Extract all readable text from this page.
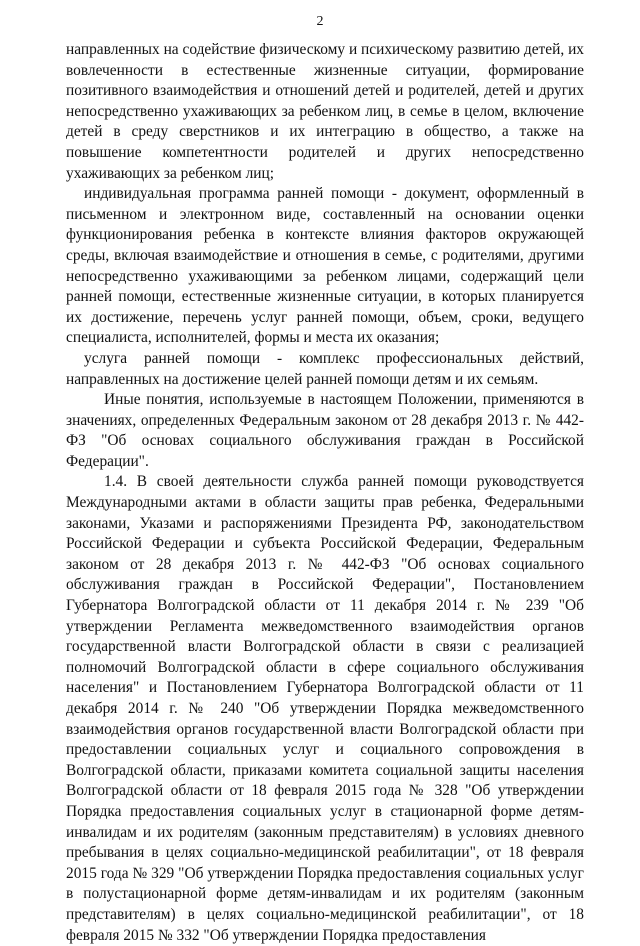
2

направленных на содействие физическому и психическому развитию детей, их вовлеченности в естественные жизненные ситуации, формирование позитивного взаимодействия и отношений детей и родителей, детей и других непосредственно ухаживающих за ребенком лиц, в семье в целом, включение детей в среду сверстников и их интеграцию в общество, а также на повышение компетентности родителей и других непосредственно ухаживающих за ребенком лиц;

индивидуальная программа ранней помощи - документ, оформленный в письменном и электронном виде, составленный на основании оценки функционирования ребенка в контексте влияния факторов окружающей среды, включая взаимодействие и отношения в семье, с родителями, другими непосредственно ухаживающими за ребенком лицами, содержащий цели ранней помощи, естественные жизненные ситуации, в которых планируется их достижение, перечень услуг ранней помощи, объем, сроки, ведущего специалиста, исполнителей, формы и места их оказания;

услуга ранней помощи - комплекс профессиональных действий, направленных на достижение целей ранней помощи детям и их семьям.

Иные понятия, используемые в настоящем Положении, применяются в значениях, определенных Федеральным законом от 28 декабря 2013 г. № 442-ФЗ "Об основах социального обслуживания граждан в Российской Федерации".

1.4. В своей деятельности служба ранней помощи руководствуется Международными актами в области защиты прав ребенка, Федеральными законами, Указами и распоряжениями Президента РФ, законодательством Российской Федерации и субъекта Российской Федерации, Федеральным законом от 28 декабря 2013 г. № 442-ФЗ "Об основах социального обслуживания граждан в Российской Федерации", Постановлением Губернатора Волгоградской области от 11 декабря 2014 г. № 239 "Об утверждении Регламента межведомственного взаимодействия органов государственной власти Волгоградской области в связи с реализацией полномочий Волгоградской области в сфере социального обслуживания населения" и Постановлением Губернатора Волгоградской области от 11 декабря 2014 г. № 240 "Об утверждении Порядка межведомственного взаимодействия органов государственной власти Волгоградской области при предоставлении социальных услуг и социального сопровождения в Волгоградской области, приказами комитета социальной защиты населения Волгоградской области от 18 февраля 2015 года № 328 "Об утверждении Порядка предоставления социальных услуг в стационарной форме детям-инвалидам и их родителям (законным представителям) в условиях дневного пребывания в целях социально-медицинской реабилитации", от 18 февраля 2015 года № 329 "Об утверждении Порядка предоставления социальных услуг в полустационарной форме детям-инвалидам и их родителям (законным представителям) в целях социально-медицинской реабилитации", от 18 февраля 2015 № 332 "Об утверждении Порядка предоставления
